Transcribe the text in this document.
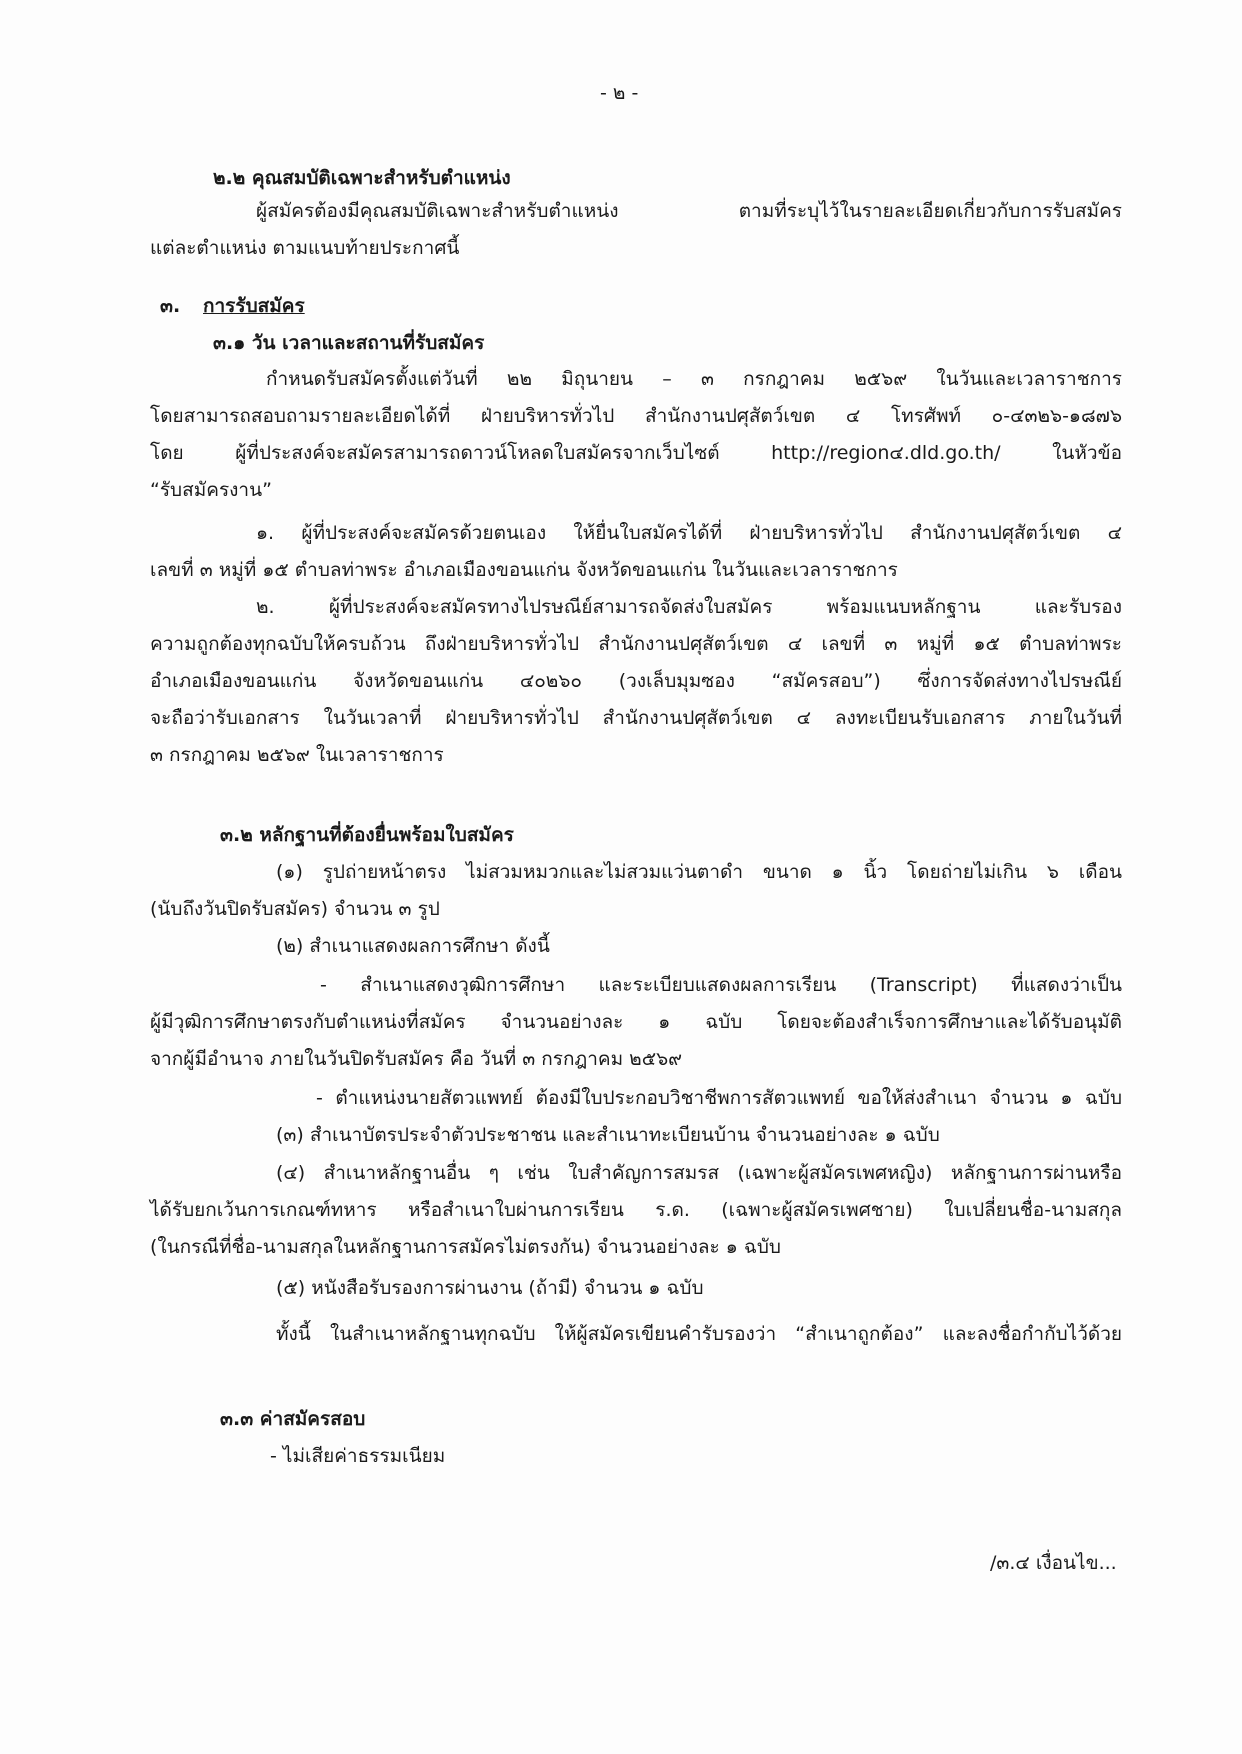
- ๒ -
๒.๒ คุณสมบัติเฉพาะสำหรับตำแหน่ง
ผู้สมัครต้องมีคุณสมบัติเฉพาะสำหรับตำแหน่ง ตามที่ระบุไว้ในรายละเอียดเกี่ยวกับการรับสมัคร
แต่ละตำแหน่ง ตามแนบท้ายประกาศนี้
๓. การรับสมัคร
๓.๑ วัน เวลาและสถานที่รับสมัคร
กำหนดรับสมัครตั้งแต่วันที่ ๒๒ มิถุนายน – ๓ กรกฎาคม ๒๕๖๙ ในวันและเวลาราชการ
โดยสามารถสอบถามรายละเอียดได้ที่ ฝ่ายบริหารทั่วไป สำนักงานปศุสัตว์เขต ๔ โทรศัพท์ ๐-๔๓๒๖-๑๘๗๖
โดย ผู้ที่ประสงค์จะสมัครสามารถดาวน์โหลดใบสมัครจากเว็บไซต์ http://region๔.dld.go.th/ ในหัวข้อ
“รับสมัครงาน”
๑. ผู้ที่ประสงค์จะสมัครด้วยตนเอง ให้ยื่นใบสมัครได้ที่ ฝ่ายบริหารทั่วไป สำนักงานปศุสัตว์เขต ๔
เลขที่ ๓ หมู่ที่ ๑๕ ตำบลท่าพระ อำเภอเมืองขอนแก่น จังหวัดขอนแก่น ในวันและเวลาราชการ
๒. ผู้ที่ประสงค์จะสมัครทางไปรษณีย์สามารถจัดส่งใบสมัคร พร้อมแนบหลักฐาน และรับรอง
ความถูกต้องทุกฉบับให้ครบถ้วน ถึงฝ่ายบริหารทั่วไป สำนักงานปศุสัตว์เขต ๔ เลขที่ ๓ หมู่ที่ ๑๕ ตำบลท่าพระ
อำเภอเมืองขอนแก่น จังหวัดขอนแก่น ๔๐๒๖๐ (วงเล็บมุมซอง “สมัครสอบ”) ซึ่งการจัดส่งทางไปรษณีย์
จะถือว่ารับเอกสาร ในวันเวลาที่ ฝ่ายบริหารทั่วไป สำนักงานปศุสัตว์เขต ๔ ลงทะเบียนรับเอกสาร ภายในวันที่
๓ กรกฎาคม ๒๕๖๙ ในเวลาราชการ
๓.๒ หลักฐานที่ต้องยื่นพร้อมใบสมัคร
(๑) รูปถ่ายหน้าตรง ไม่สวมหมวกและไม่สวมแว่นตาดำ ขนาด ๑ นิ้ว โดยถ่ายไม่เกิน ๖ เดือน
(นับถึงวันปิดรับสมัคร) จำนวน ๓ รูป
(๒) สำเนาแสดงผลการศึกษา ดังนี้
- สำเนาแสดงวุฒิการศึกษา และระเบียบแสดงผลการเรียน (Transcript) ที่แสดงว่าเป็น
ผู้มีวุฒิการศึกษาตรงกับตำแหน่งที่สมัคร จำนวนอย่างละ ๑ ฉบับ โดยจะต้องสำเร็จการศึกษาและได้รับอนุมัติ
จากผู้มีอำนาจ ภายในวันปิดรับสมัคร คือ วันที่ ๓ กรกฎาคม ๒๕๖๙
- ตำแหน่งนายสัตวแพทย์ ต้องมีใบประกอบวิชาชีพการสัตวแพทย์ ขอให้ส่งสำเนา จำนวน ๑ ฉบับ
(๓) สำเนาบัตรประจำตัวประชาชน และสำเนาทะเบียนบ้าน จำนวนอย่างละ ๑ ฉบับ
(๔) สำเนาหลักฐานอื่น ๆ เช่น ใบสำคัญการสมรส (เฉพาะผู้สมัครเพศหญิง) หลักฐานการผ่านหรือ
ได้รับยกเว้นการเกณฑ์ทหาร หรือสำเนาใบผ่านการเรียน ร.ด. (เฉพาะผู้สมัครเพศชาย) ใบเปลี่ยนชื่อ-นามสกุล
(ในกรณีที่ชื่อ-นามสกุลในหลักฐานการสมัครไม่ตรงกัน) จำนวนอย่างละ ๑ ฉบับ
(๕) หนังสือรับรองการผ่านงาน (ถ้ามี) จำนวน ๑ ฉบับ
ทั้งนี้ ในสำเนาหลักฐานทุกฉบับ ให้ผู้สมัครเขียนคำรับรองว่า “สำเนาถูกต้อง” และลงชื่อกำกับไว้ด้วย
๓.๓ ค่าสมัครสอบ
- ไม่เสียค่าธรรมเนียม
/๓.๔ เงื่อนไข...
